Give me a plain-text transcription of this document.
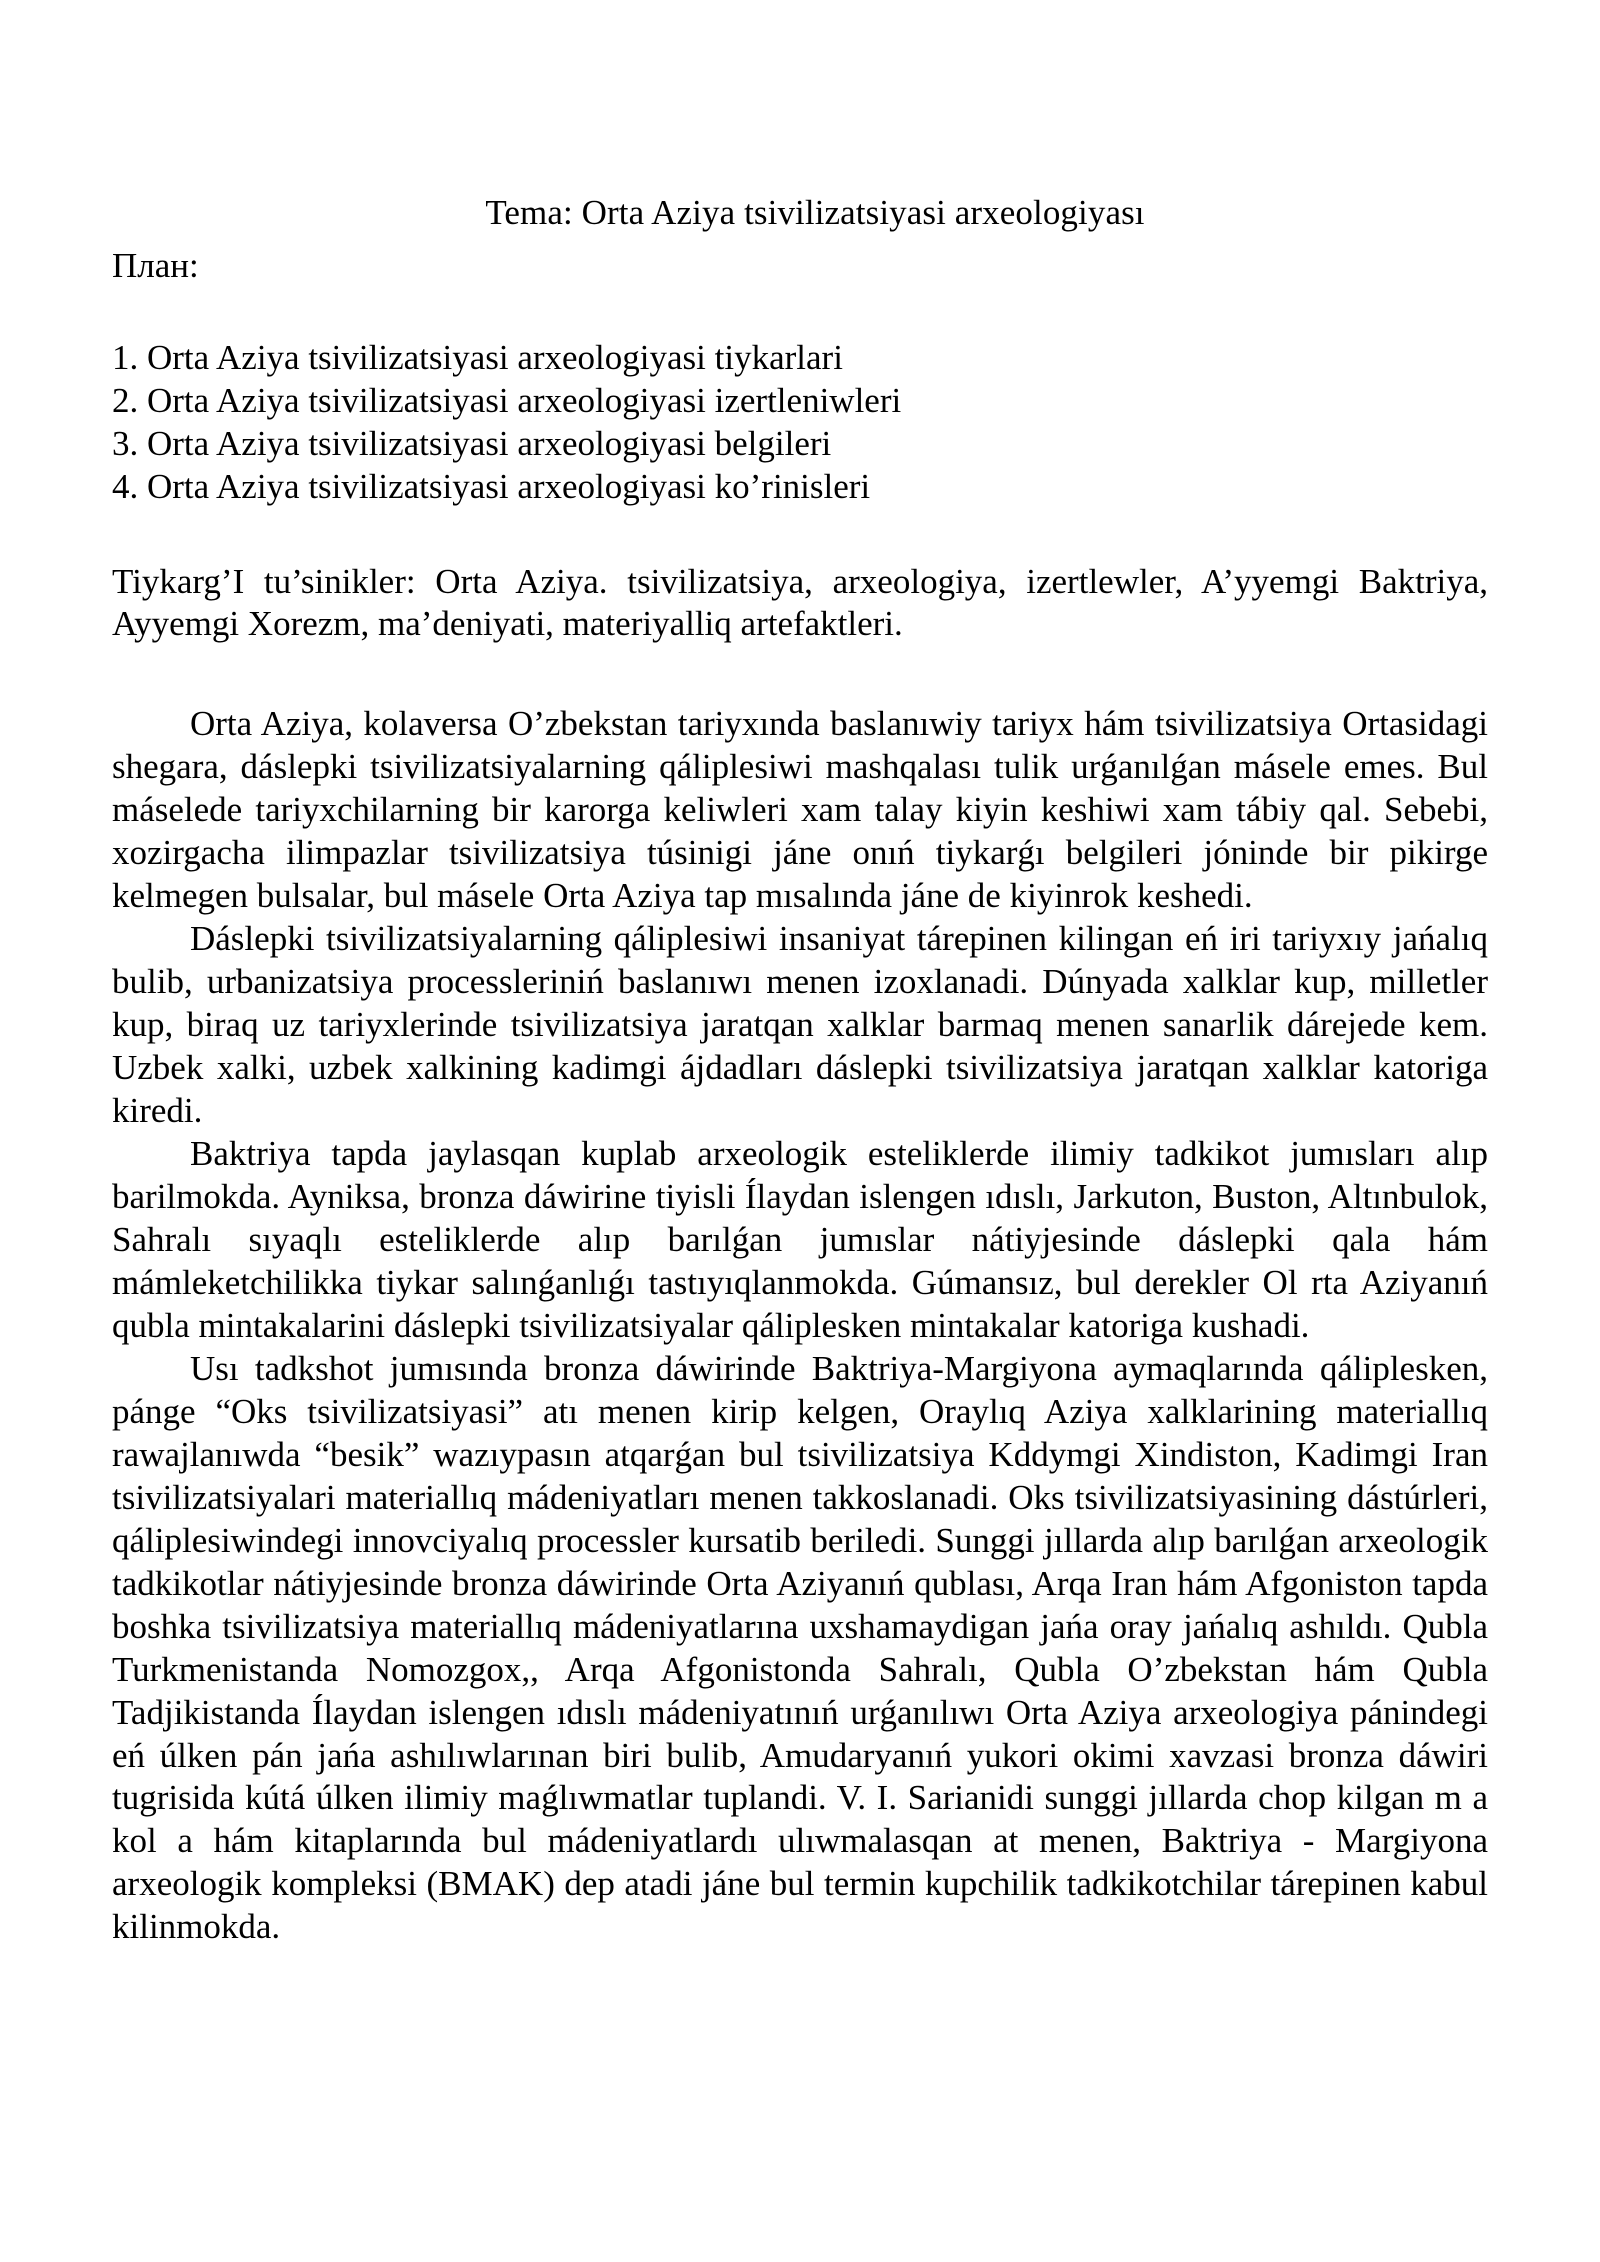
Tema: Orta Aziya tsivilizatsiyasi arxeologiyası
План:
1. Orta Aziya tsivilizatsiyasi arxeologiyasi tiykarlari
2. Orta Aziya tsivilizatsiyasi arxeologiyasi izertleniwleri
3. Orta Aziya tsivilizatsiyasi arxeologiyasi belgileri
4. Orta Aziya tsivilizatsiyasi arxeologiyasi ko’rinisleri

Tiykarg’I tu’sinikler: Orta Aziya. tsivilizatsiya, arxeologiya, izertlewler, A’yyemgi Baktriya, Ayyemgi Xorezm, ma’deniyati, materiyalliq artefaktleri.

Orta Aziya, kolaversa O’zbekstan tariyxında baslanıwiy tariyx hám tsivilizatsiya Ortasidagi shegara, dáslepki tsivilizatsiyalarning qáliplesiwi mashqalası tulik urǵanılǵan másele emes. Bul máselede tariyxchilarning bir karorga keliwleri xam talay kiyin keshiwi xam tábiy qal. Sebebi, xozirgacha ilimpazlar tsivilizatsiya túsinigi jáne onıń tiykarǵı belgileri jóninde bir pikirge kelmegen bulsalar, bul másele Orta Aziya tap mısalında jáne de kiyinrok keshedi.

Dáslepki tsivilizatsiyalarning qáliplesiwi insaniyat tárepinen kilingan eń iri tariyxıy jańalıq bulib, urbanizatsiya processleriniń baslanıwı menen izoxlanadi. Dúnyada xalklar kup, milletler kup, biraq uz tariyxlerinde tsivilizatsiya jaratqan xalklar barmaq menen sanarlik dárejede kem. Uzbek xalki, uzbek xalkining kadimgi ájdadları dáslepki tsivilizatsiya jaratqan xalklar katoriga kiredi.

Baktriya tapda jaylasqan kuplab arxeologik esteliklerde ilimiy tadkikot jumısları alıp barilmokda. Ayniksa, bronza dáwirine tiyisli Ílaydan islengen ıdıslı, Jarkuton, Buston, Altınbulok, Sahralı sıyaqlı esteliklerde alıp barılǵan jumıslar nátiyjesinde dáslepki qala hám mámleketchilikka tiykar salınǵanlıǵı tastıyıqlanmokda. Gúmansız, bul derekler Ol rta Aziyanıń qubla mintakalarini dáslepki tsivilizatsiyalar qáliplesken mintakalar katoriga kushadi.

Usı tadkshot jumısında bronza dáwirinde Baktriya-Margiyona aymaqlarında qáliplesken, pánge “Oks tsivilizatsiyasi” atı menen kirip kelgen, Oraylıq Aziya xalklarining materiallıq rawajlanıwda “besik” wazıypasın atqarǵan bul tsivilizatsiya Kddymgi Xindiston, Kadimgi Iran tsivilizatsiyalari materiallıq mádeniyatları menen takkoslanadi. Oks tsivilizatsiyasining dástúrleri, qáliplesiwindegi innovciyalıq processler kursatib beriledi. Sunggi jıllarda alıp barılǵan arxeologik tadkikotlar nátiyjesinde bronza dáwirinde Orta Aziyanıń qublası, Arqa Iran hám Afgoniston tapda boshka tsivilizatsiya materiallıq mádeniyatlarına uxshamaydigan jańa oray jańalıq ashıldı. Qubla Turkmenistanda Nomozgox,, Arqa Afgonistonda Sahralı, Qubla O’zbekstan hám Qubla Tadjikistanda Ílaydan islengen ıdıslı mádeniyatınıń urǵanılıwı Orta Aziya arxeologiya pánindegi eń úlken pán jańa ashılıwlarınan biri bulib, Amudaryanıń yukori okimi xavzasi bronza dáwiri tugrisida kútá úlken ilimiy maǵlıwmatlar tuplandi. V. I. Sarianidi sunggi jıllarda chop kilgan m a kol a hám kitaplarında bul mádeniyatlardı ulıwmalasqan at menen, Baktriya - Margiyona arxeologik kompleksi (BMAK) dep atadi jáne bul termin kupchilik tadkikotchilar tárepinen kabul kilinmokda.
